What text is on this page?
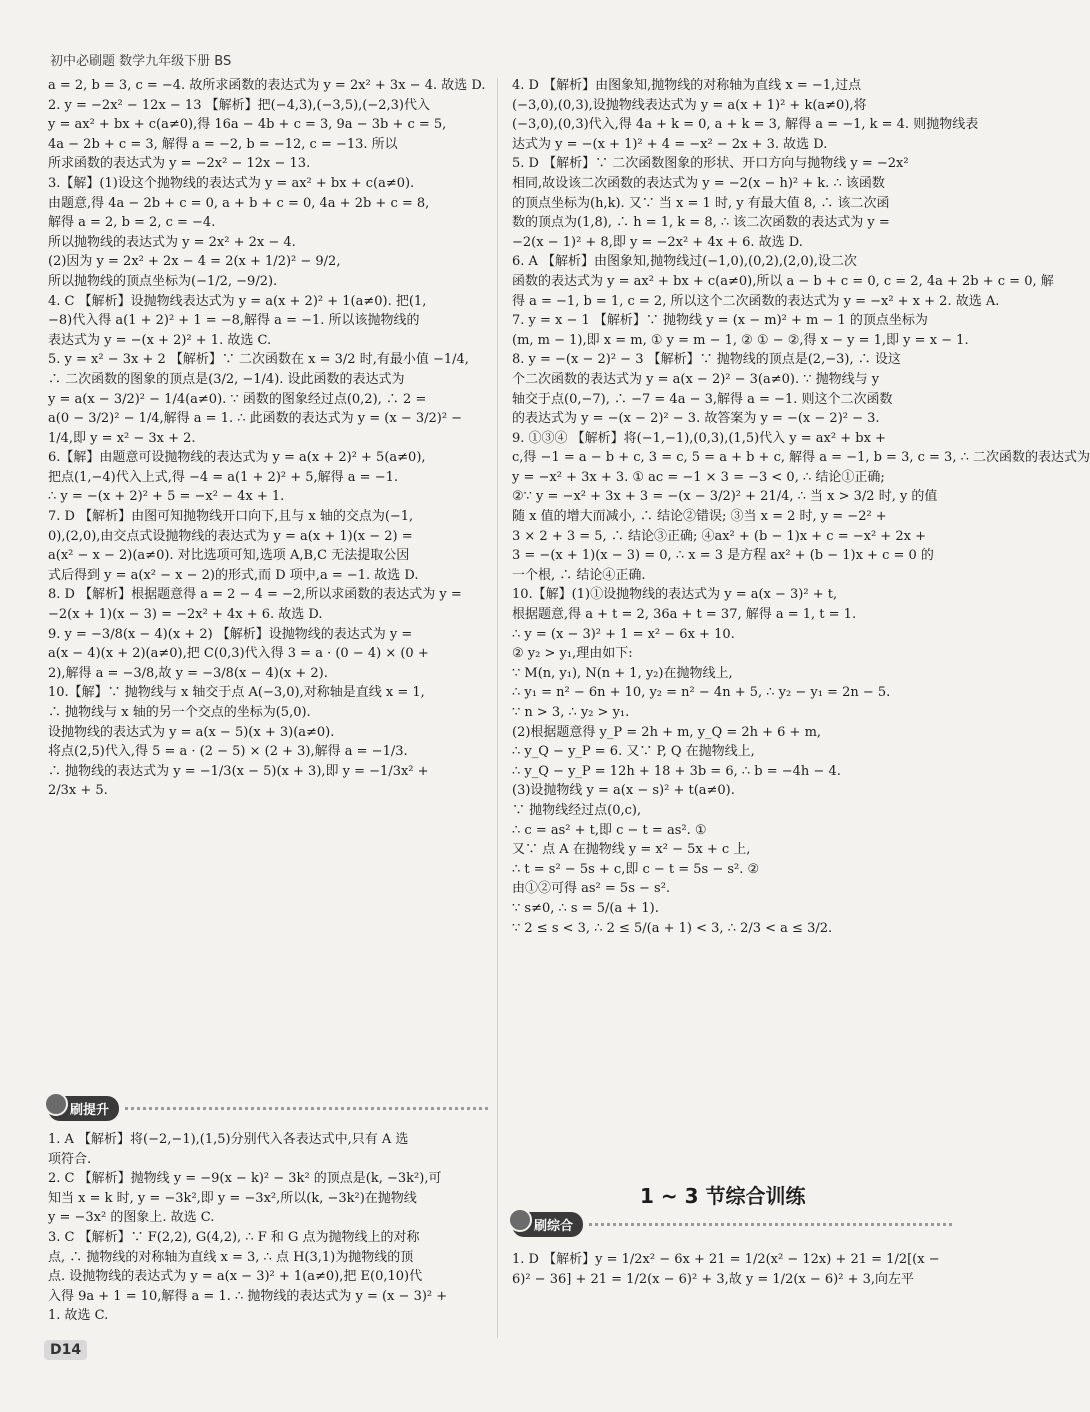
初中必刷题 数学九年级下册 BS
a = 2, b = 3, c = −4. 故所求函数的表达式为 y = 2x² + 3x − 4. 故选 D.
2. y = −2x² − 12x − 13 【解析】把(−4,3),(−3,5),(−2,3)代入
y = ax² + bx + c(a≠0),得 16a − 4b + c = 3, 9a − 3b + c = 5,
4a − 2b + c = 3, 解得 a = −2, b = −12, c = −13. 所以
所求函数的表达式为 y = −2x² − 12x − 13.
3.【解】(1)设这个抛物线的表达式为 y = ax² + bx + c(a≠0).
由题意,得 4a − 2b + c = 0, a + b + c = 0, 4a + 2b + c = 8,
解得 a = 2, b = 2, c = −4.
所以抛物线的表达式为 y = 2x² + 2x − 4.
(2)因为 y = 2x² + 2x − 4 = 2(x + 1/2)² − 9/2,
所以抛物线的顶点坐标为(−1/2, −9/2).
4. C 【解析】设抛物线表达式为 y = a(x + 2)² + 1(a≠0). 把(1,
−8)代入得 a(1 + 2)² + 1 = −8,解得 a = −1. 所以该抛物线的
表达式为 y = −(x + 2)² + 1. 故选 C.
5. y = x² − 3x + 2 【解析】∵ 二次函数在 x = 3/2 时,有最小值 −1/4,
∴ 二次函数的图象的顶点是(3/2, −1/4). 设此函数的表达式为
y = a(x − 3/2)² − 1/4(a≠0). ∵ 函数的图象经过点(0,2), ∴ 2 =
a(0 − 3/2)² − 1/4,解得 a = 1. ∴ 此函数的表达式为 y = (x − 3/2)² −
1/4,即 y = x² − 3x + 2.
6.【解】由题意可设抛物线的表达式为 y = a(x + 2)² + 5(a≠0),
把点(1,−4)代入上式,得 −4 = a(1 + 2)² + 5,解得 a = −1.
∴ y = −(x + 2)² + 5 = −x² − 4x + 1.
7. D 【解析】由图可知抛物线开口向下,且与 x 轴的交点为(−1,
0),(2,0),由交点式设抛物线的表达式为 y = a(x + 1)(x − 2) =
a(x² − x − 2)(a≠0). 对比选项可知,选项 A,B,C 无法提取公因
式后得到 y = a(x² − x − 2)的形式,而 D 项中,a = −1. 故选 D.
8. D 【解析】根据题意得 a = 2 − 4 = −2,所以求函数的表达式为 y =
−2(x + 1)(x − 3) = −2x² + 4x + 6. 故选 D.
9. y = −3/8(x − 4)(x + 2) 【解析】设抛物线的表达式为 y =
a(x − 4)(x + 2)(a≠0),把 C(0,3)代入得 3 = a · (0 − 4) × (0 +
2),解得 a = −3/8,故 y = −3/8(x − 4)(x + 2).
10.【解】∵ 抛物线与 x 轴交于点 A(−3,0),对称轴是直线 x = 1,
∴ 抛物线与 x 轴的另一个交点的坐标为(5,0).
设抛物线的表达式为 y = a(x − 5)(x + 3)(a≠0).
将点(2,5)代入,得 5 = a · (2 − 5) × (2 + 3),解得 a = −1/3.
∴ 抛物线的表达式为 y = −1/3(x − 5)(x + 3),即 y = −1/3x² +
2/3x + 5.
刷提升
1. A 【解析】将(−2,−1),(1,5)分别代入各表达式中,只有 A 选
项符合.
2. C 【解析】抛物线 y = −9(x − k)² − 3k² 的顶点是(k, −3k²),可
知当 x = k 时, y = −3k²,即 y = −3x²,所以(k, −3k²)在抛物线
y = −3x² 的图象上. 故选 C.
3. C 【解析】∵ F(2,2), G(4,2), ∴ F 和 G 点为抛物线上的对称
点, ∴ 抛物线的对称轴为直线 x = 3, ∴ 点 H(3,1)为抛物线的顶
点. 设抛物线的表达式为 y = a(x − 3)² + 1(a≠0),把 E(0,10)代
入得 9a + 1 = 10,解得 a = 1. ∴ 抛物线的表达式为 y = (x − 3)² +
1. 故选 C.
4. D 【解析】由图象知,抛物线的对称轴为直线 x = −1,过点
(−3,0),(0,3),设抛物线表达式为 y = a(x + 1)² + k(a≠0),将
(−3,0),(0,3)代入,得 4a + k = 0, a + k = 3, 解得 a = −1, k = 4. 则抛物线表
达式为 y = −(x + 1)² + 4 = −x² − 2x + 3. 故选 D.
5. D 【解析】∵ 二次函数图象的形状、开口方向与抛物线 y = −2x²
相同,故设该二次函数的表达式为 y = −2(x − h)² + k. ∴ 该函数
的顶点坐标为(h,k). 又∵ 当 x = 1 时, y 有最大值 8, ∴ 该二次函
数的顶点为(1,8), ∴ h = 1, k = 8, ∴ 该二次函数的表达式为 y =
−2(x − 1)² + 8,即 y = −2x² + 4x + 6. 故选 D.
6. A 【解析】由图象知,抛物线过(−1,0),(0,2),(2,0),设二次
函数的表达式为 y = ax² + bx + c(a≠0),所以 a − b + c = 0, c = 2, 4a + 2b + c = 0, 解
得 a = −1, b = 1, c = 2, 所以这个二次函数的表达式为 y = −x² + x + 2. 故选 A.
7. y = x − 1 【解析】∵ 抛物线 y = (x − m)² + m − 1 的顶点坐标为
(m, m − 1),即 x = m, ① y = m − 1, ② ① − ②,得 x − y = 1,即 y = x − 1.
8. y = −(x − 2)² − 3 【解析】∵ 抛物线的顶点是(2,−3), ∴ 设这
个二次函数的表达式为 y = a(x − 2)² − 3(a≠0). ∵ 抛物线与 y
轴交于点(0,−7), ∴ −7 = 4a − 3,解得 a = −1. 则这个二次函数
的表达式为 y = −(x − 2)² − 3. 故答案为 y = −(x − 2)² − 3.
9. ①③④ 【解析】将(−1,−1),(0,3),(1,5)代入 y = ax² + bx +
c,得 −1 = a − b + c, 3 = c, 5 = a + b + c, 解得 a = −1, b = 3, c = 3, ∴ 二次函数的表达式为
y = −x² + 3x + 3. ① ac = −1 × 3 = −3 < 0, ∴ 结论①正确;
②∵ y = −x² + 3x + 3 = −(x − 3/2)² + 21/4, ∴ 当 x > 3/2 时, y 的值
随 x 值的增大而减小, ∴ 结论②错误; ③当 x = 2 时, y = −2² +
3 × 2 + 3 = 5, ∴ 结论③正确; ④ax² + (b − 1)x + c = −x² + 2x +
3 = −(x + 1)(x − 3) = 0, ∴ x = 3 是方程 ax² + (b − 1)x + c = 0 的
一个根, ∴ 结论④正确.
10.【解】(1)①设抛物线的表达式为 y = a(x − 3)² + t,
根据题意,得 a + t = 2, 36a + t = 37, 解得 a = 1, t = 1.
∴ y = (x − 3)² + 1 = x² − 6x + 10.
② y₂ > y₁,理由如下:
∵ M(n, y₁), N(n + 1, y₂)在抛物线上,
∴ y₁ = n² − 6n + 10, y₂ = n² − 4n + 5, ∴ y₂ − y₁ = 2n − 5.
∵ n > 3, ∴ y₂ > y₁.
(2)根据题意得 y_P = 2h + m, y_Q = 2h + 6 + m,
∴ y_Q − y_P = 6. 又∵ P, Q 在抛物线上,
∴ y_Q − y_P = 12h + 18 + 3b = 6, ∴ b = −4h − 4.
(3)设抛物线 y = a(x − s)² + t(a≠0).
∵ 抛物线经过点(0,c),
∴ c = as² + t,即 c − t = as². ①
又∵ 点 A 在抛物线 y = x² − 5x + c 上,
∴ t = s² − 5s + c,即 c − t = 5s − s². ②
由①②可得 as² = 5s − s².
∵ s≠0, ∴ s = 5/(a + 1).
∵ 2 ≤ s < 3, ∴ 2 ≤ 5/(a + 1) < 3, ∴ 2/3 < a ≤ 3/2.
1 ~ 3 节综合训练
刷综合
1. D 【解析】y = 1/2x² − 6x + 21 = 1/2(x² − 12x) + 21 = 1/2[(x −
6)² − 36] + 21 = 1/2(x − 6)² + 3,故 y = 1/2(x − 6)² + 3,向左平
D14
